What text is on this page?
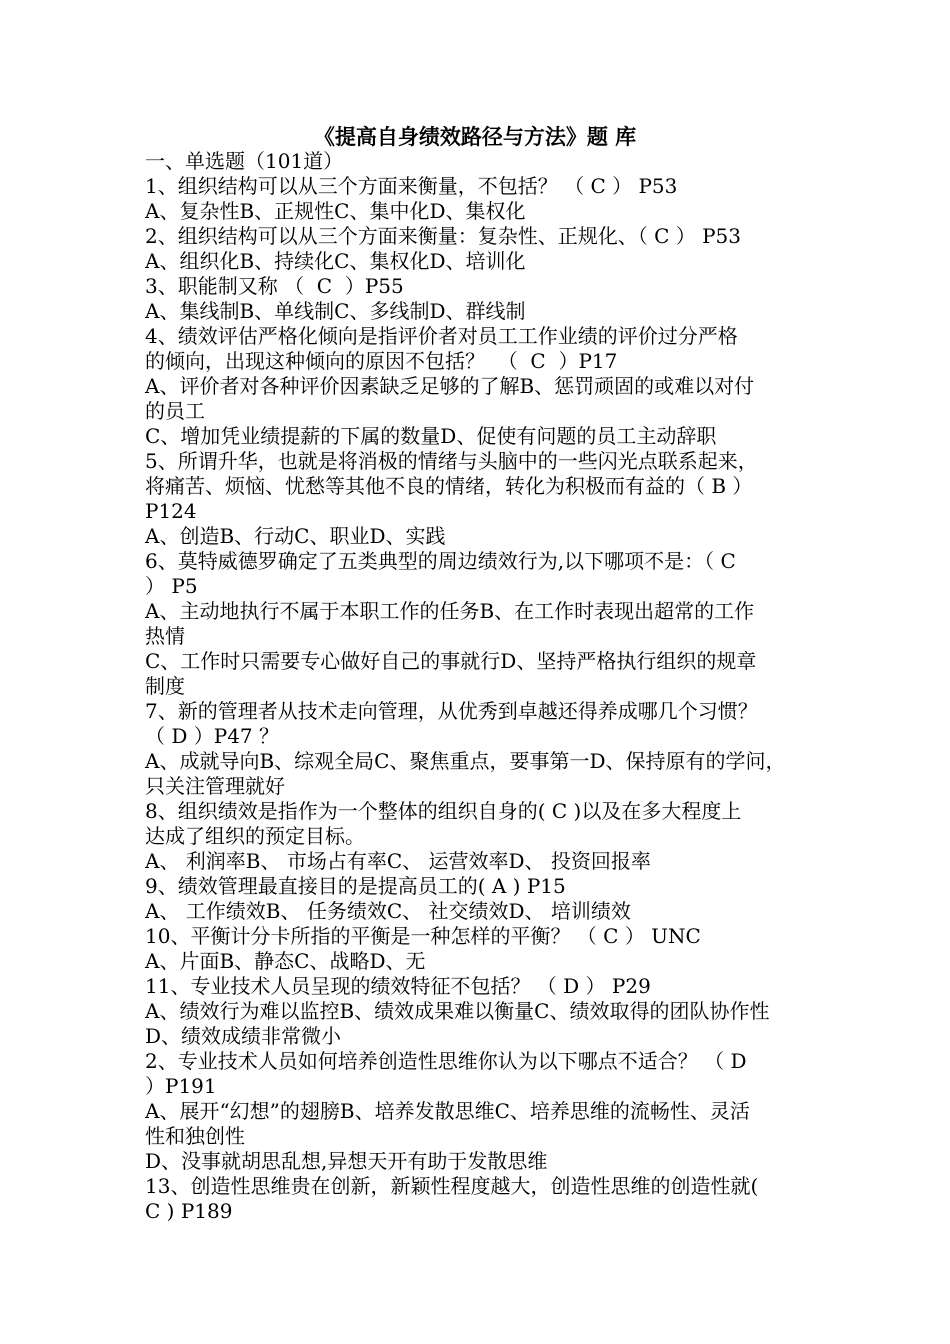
《提高自身绩效路径与方法》题 库
一、单选题（101道）
1、组织结构可以从三个方面来衡量，不包括？ （ C ） P53
A、复杂性B、正规性C、集中化D、集权化
2、组织结构可以从三个方面来衡量：复杂性、正规化、（ C ） P53
A、组织化B、持续化C、集权化D、培训化
3、职能制又称 （  C  ）P55
A、集线制B、单线制C、多线制D、群线制
4、绩效评估严格化倾向是指评价者对员工工作业绩的评价过分严格
的倾向，出现这种倾向的原因不包括？  （  C  ）P17
A、评价者对各种评价因素缺乏足够的了解B、惩罚顽固的或难以对付
的员工
C、增加凭业绩提薪的下属的数量D、促使有问题的员工主动辞职
5、所谓升华，也就是将消极的情绪与头脑中的一些闪光点联系起来，
将痛苦、烦恼、忧愁等其他不良的情绪，转化为积极而有益的（ B ）
P124
A、创造B、行动C、职业D、实践
6、莫特威德罗确定了五类典型的周边绩效行为,以下哪项不是：（ C
） P5
A、主动地执行不属于本职工作的任务B、在工作时表现出超常的工作
热情
C、工作时只需要专心做好自己的事就行D、坚持严格执行组织的规章
制度
7、新的管理者从技术走向管理，从优秀到卓越还得养成哪几个习惯？
（ D ）P47 ？
A、成就导向B、综观全局C、聚焦重点，要事第一D、保持原有的学问，
只关注管理就好
8、组织绩效是指作为一个整体的组织自身的( C )以及在多大程度上
达成了组织的预定目标。
A、 利润率B、 市场占有率C、 运营效率D、 投资回报率
9、绩效管理最直接目的是提高员工的( A ) P15
A、 工作绩效B、 任务绩效C、 社交绩效D、 培训绩效
10、平衡计分卡所指的平衡是一种怎样的平衡？ （ C ） UNC
A、片面B、静态C、战略D、无
11、专业技术人员呈现的绩效特征不包括？ （ D ） P29
A、绩效行为难以监控B、绩效成果难以衡量C、绩效取得的团队协作性
D、绩效成绩非常微小
2、专业技术人员如何培养创造性思维你认为以下哪点不适合？ （ D
）P191
A、展开“幻想”的翅膀B、培养发散思维C、培养思维的流畅性、灵活
性和独创性
D、没事就胡思乱想,异想天开有助于发散思维
13、创造性思维贵在创新，新颖性程度越大，创造性思维的创造性就(
C ) P189
